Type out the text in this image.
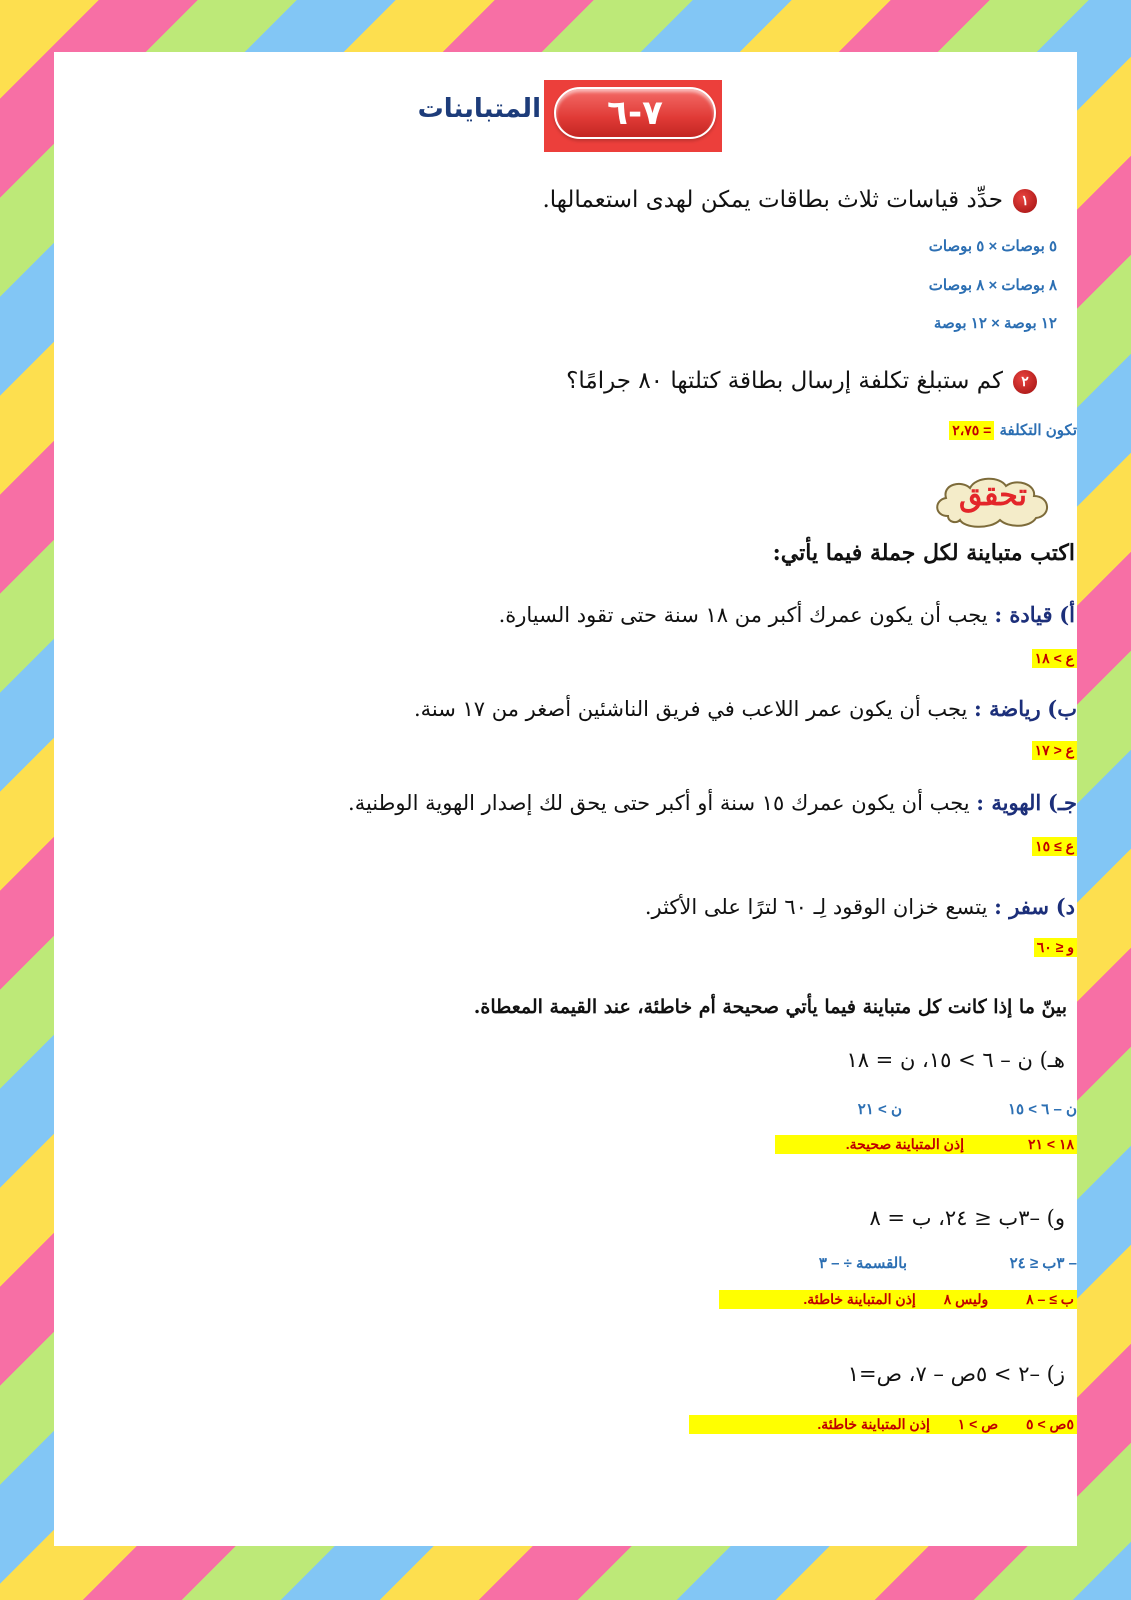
٧-٦
المتباينات
١حدِّد قياسات ثلاث بطاقات يمكن لهدى استعمالها.
٥ بوصات × ٥ بوصات
٨ بوصات × ٨ بوصات
١٢ بوصة × ١٢ بوصة
٢كم ستبلغ تكلفة إرسال بطاقة كتلتها ٨٠ جرامًا؟
تكون التكلفة = ٢،٧٥
تحقق
اكتب متباينة لكل جملة فيما يأتي:
أ) قيادة : يجب أن يكون عمرك أكبر من ١٨ سنة حتى تقود السيارة.
ع > ١٨
ب) رياضة : يجب أن يكون عمر اللاعب في فريق الناشئين أصغر من ١٧ سنة.
ع < ١٧
جـ) الهوية : يجب أن يكون عمرك ١٥ سنة أو أكبر حتى يحق لك إصدار الهوية الوطنية.
ع ≥ ١٥
د) سفر : يتسع خزان الوقود لِـ ٦٠ لترًا على الأكثر.
و ≤ ٦٠
بينّ ما إذا كانت كل متباينة فيما يأتي صحيحة أم خاطئة، عند القيمة المعطاة.
هـ) ن – ٦ > ١٥، ن = ١٨
ن – ٦ > ١٥
ن > ٢١
١٨ > ٢١ إذن المتباينة صحيحة.
و) –٣ب ≤ ٢٤، ب = ٨
– ٣ب ≤ ٢٤
بالقسمة ÷ – ٣
ب ≥ – ٨ وليس ٨ إذن المتباينة خاطئة.
ز) –٢ > ٥ص – ٧، ص=١
٥ص > ٥ ص > ١ إذن المتباينة خاطئة.
